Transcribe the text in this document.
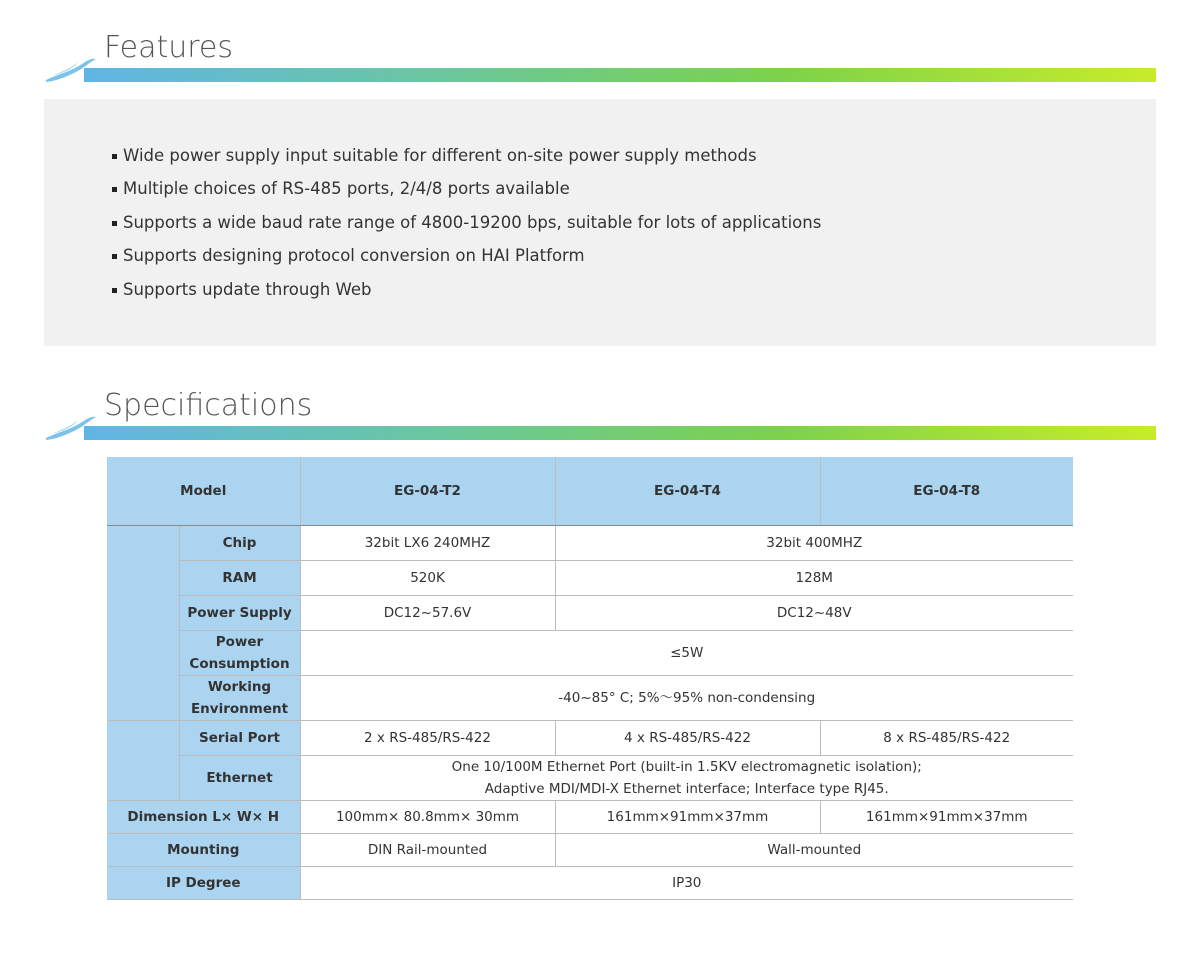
Features
Wide power supply input suitable for different on-site power supply methods
Multiple choices of RS-485 ports, 2/4/8 ports available
Supports a wide baud rate range of 4800-19200 bps, suitable for lots of applications
Supports designing protocol conversion on HAI Platform
Supports update through Web
Specifications
Model		EG-04-T2	EG-04-T4	EG-04-T8
	Chip	32bit LX6 240MHZ	32bit 400MHZ	
	RAM	520K	128M	
	Power Supply	DC12~57.6V	DC12~48V	
	Power
Consumption	≤5W		
	Working
Environment	-40~85° C; 5%～95% non-condensing		
	Serial Port	2 x RS-485/RS-422	4 x RS-485/RS-422	8 x RS-485/RS-422
	Ethernet	One 10/100M Ethernet Port (built-in 1.5KV electromagnetic isolation);
Adaptive MDI/MDI-X Ethernet interface; Interface type RJ45.		
Dimension L× W× H		100mm× 80.8mm× 30mm	161mm×91mm×37mm	161mm×91mm×37mm
Mounting		DIN Rail-mounted	Wall-mounted	
IP Degree		IP30		
